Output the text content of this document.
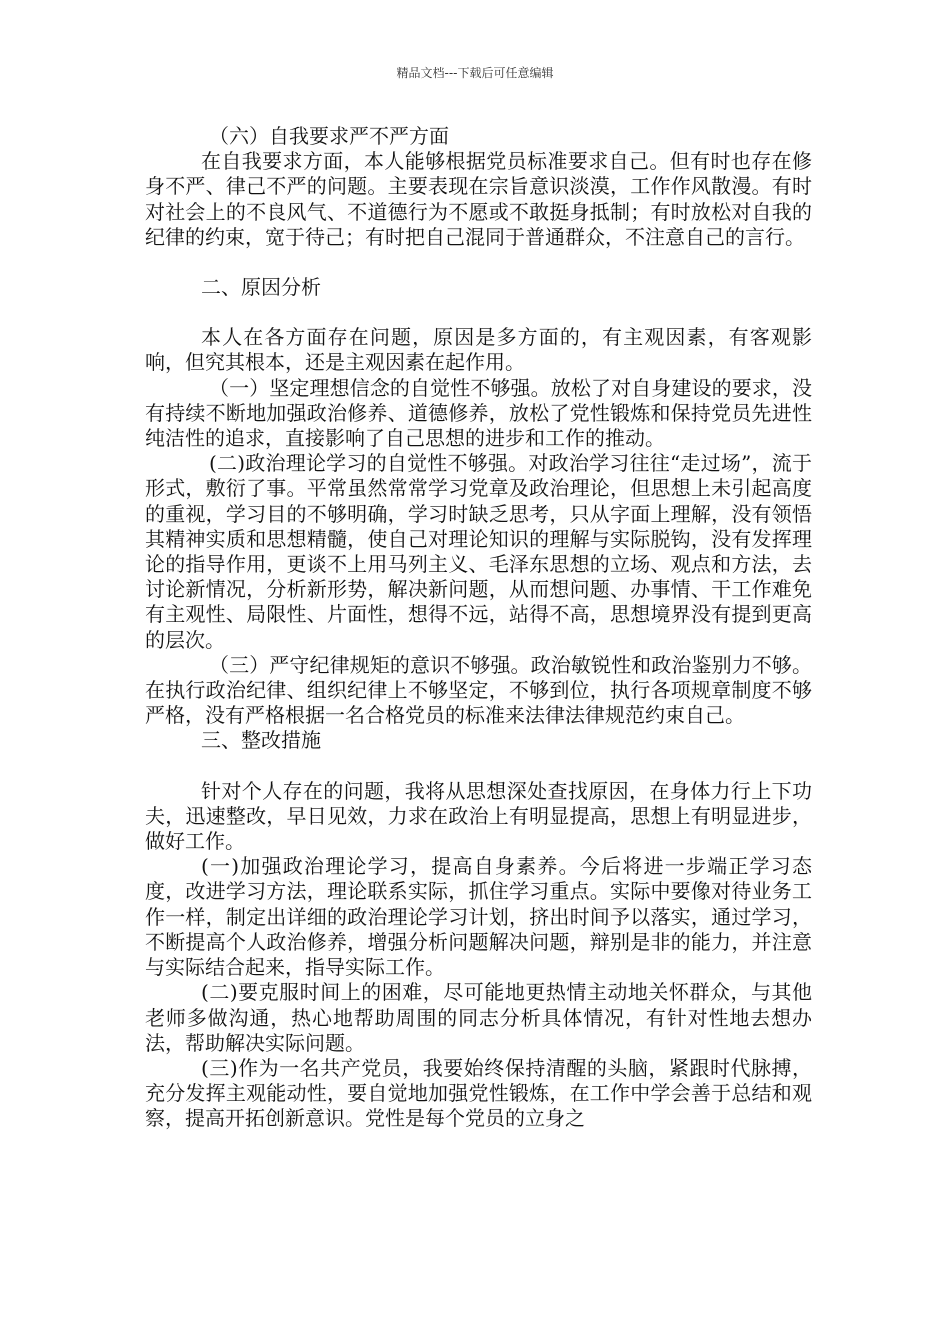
精品文档---下载后可任意编辑

（六）自我要求严不严方面

在自我要求方面，本人能够根据党员标准要求自己。但有时也存在修身不严、律己不严的问题。主要表现在宗旨意识淡漠，工作作风散漫。有时对社会上的不良风气、不道德行为不愿或不敢挺身抵制；有时放松对自我的纪律的约束，宽于待己；有时把自己混同于普通群众，不注意自己的言行。

二、原因分析

本人在各方面存在问题，原因是多方面的，有主观因素，有客观影响，但究其根本，还是主观因素在起作用。

（一）坚定理想信念的自觉性不够强。放松了对自身建设的要求，没有持续不断地加强政治修养、道德修养，放松了党性锻炼和保持党员先进性纯洁性的追求，直接影响了自己思想的进步和工作的推动。

(二)政治理论学习的自觉性不够强。对政治学习往往“走过场”，流于形式，敷衍了事。平常虽然常常学习党章及政治理论，但思想上未引起高度的重视，学习目的不够明确，学习时缺乏思考，只从字面上理解，没有领悟其精神实质和思想精髓，使自己对理论知识的理解与实际脱钩，没有发挥理论的指导作用，更谈不上用马列主义、毛泽东思想的立场、观点和方法，去讨论新情况，分析新形势，解决新问题，从而想问题、办事情、干工作难免有主观性、局限性、片面性，想得不远，站得不高，思想境界没有提到更高的层次。

（三）严守纪律规矩的意识不够强。政治敏锐性和政治鉴别力不够。在执行政治纪律、组织纪律上不够坚定，不够到位，执行各项规章制度不够严格，没有严格根据一名合格党员的标准来法律法律规范约束自己。

三、整改措施

针对个人存在的问题，我将从思想深处查找原因，在身体力行上下功夫，迅速整改，早日见效，力求在政治上有明显提高，思想上有明显进步，做好工作。

(一)加强政治理论学习，提高自身素养。今后将进一步端正学习态度，改进学习方法，理论联系实际，抓住学习重点。实际中要像对待业务工作一样，制定出详细的政治理论学习计划，挤出时间予以落实，通过学习，不断提高个人政治修养，增强分析问题解决问题，辩别是非的能力，并注意与实际结合起来，指导实际工作。

(二)要克服时间上的困难，尽可能地更热情主动地关怀群众，与其他老师多做沟通，热心地帮助周围的同志分析具体情况，有针对性地去想办法，帮助解决实际问题。

(三)作为一名共产党员，我要始终保持清醒的头脑，紧跟时代脉搏，充分发挥主观能动性，要自觉地加强党性锻炼，在工作中学会善于总结和观察，提高开拓创新意识。党性是每个党员的立身之
